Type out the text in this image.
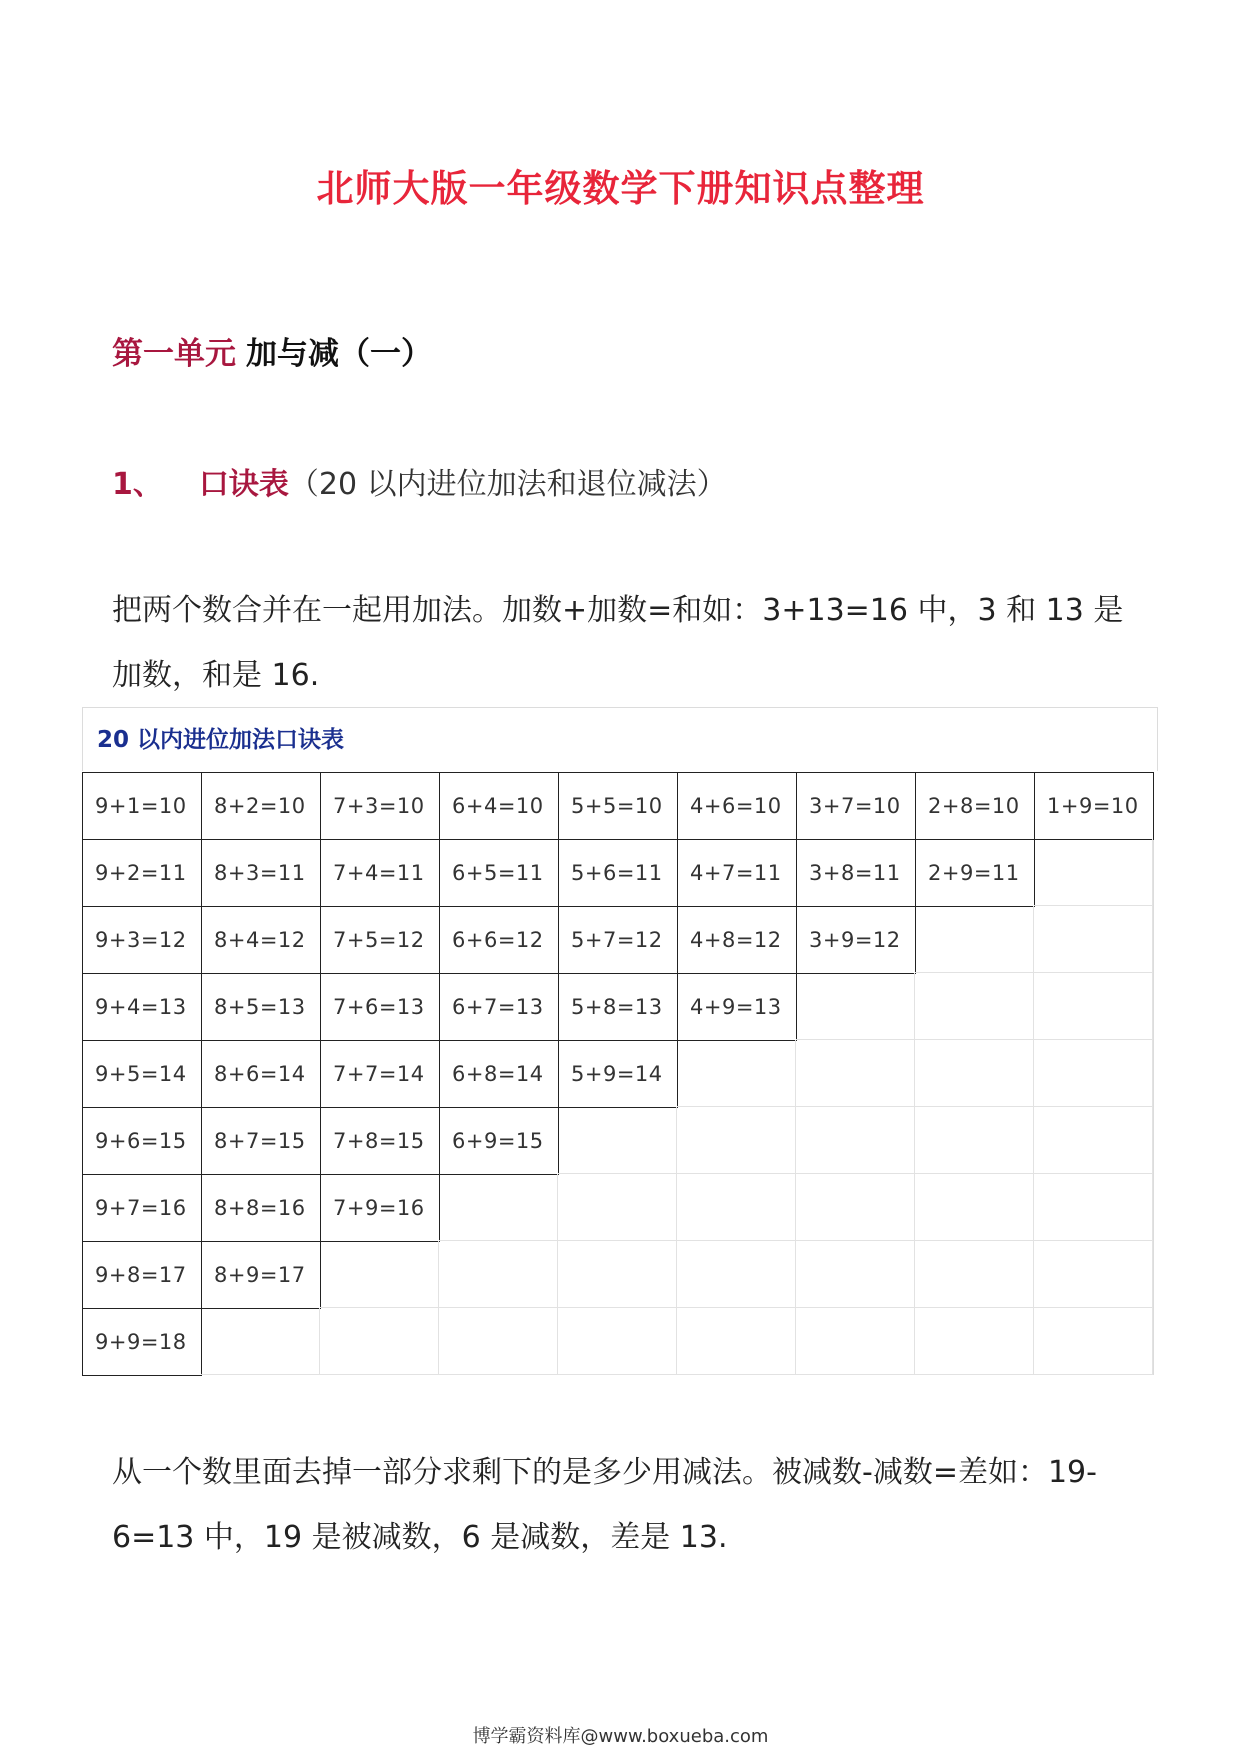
北师大版一年级数学下册知识点整理
第一单元 加与减（一）
1、 口诀表（20 以内进位加法和退位减法）
把两个数合并在一起用加法。加数+加数=和如：3+13=16 中，3 和 13 是加数，和是 16.
20 以内进位加法口诀表
9+1=10	8+2=10	7+3=10	6+4=10	5+5=10	4+6=10	3+7=10	2+8=10	1+9=10
9+2=11	8+3=11	7+4=11	6+5=11	5+6=11	4+7=11	3+8=11	2+9=11
9+3=12	8+4=12	7+5=12	6+6=12	5+7=12	4+8=12	3+9=12
9+4=13	8+5=13	7+6=13	6+7=13	5+8=13	4+9=13
9+5=14	8+6=14	7+7=14	6+8=14	5+9=14
9+6=15	8+7=15	7+8=15	6+9=15
9+7=16	8+8=16	7+9=16
9+8=17	8+9=17
9+9=18
从一个数里面去掉一部分求剩下的是多少用减法。被减数-减数=差如：19-6=13 中，19 是被减数，6 是减数，差是 13.
博学霸资料库@www.boxueba.com
